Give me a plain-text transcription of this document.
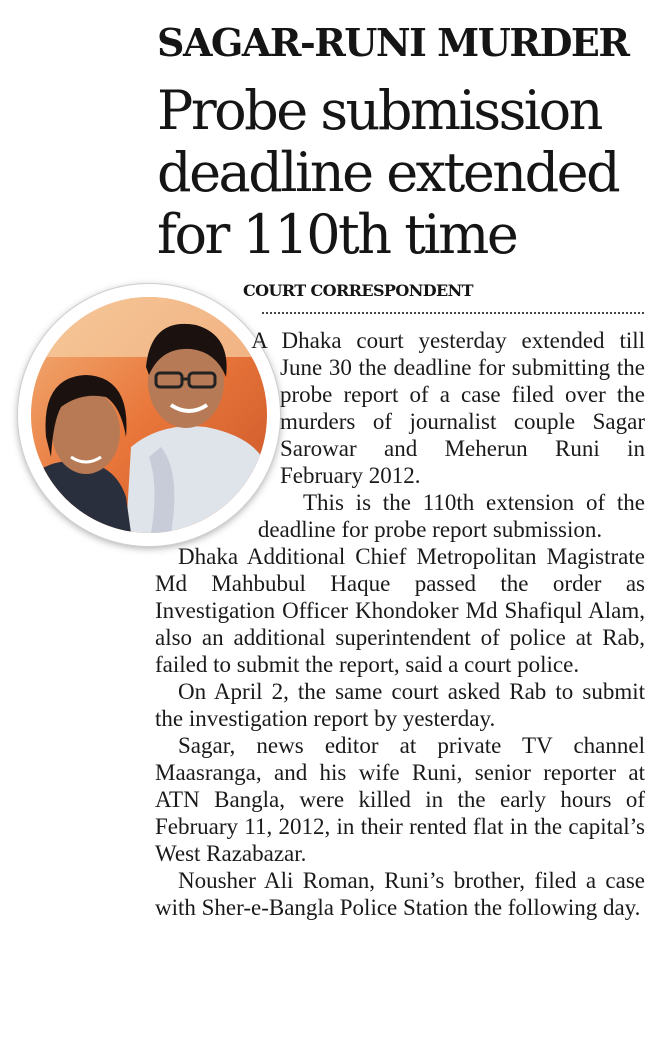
SAGAR-RUNI MURDER
Probe submission deadline extended for 110th time
COURT CORRESPONDENT

A Dhaka court yesterday extended till June 30 the deadline for submitting the probe report of a case filed over the murders of journalist couple Sagar Sarowar and Meherun Runi in February 2012.

This is the 110th extension of the deadline for probe report submission.

Dhaka Additional Chief Metropolitan Magistrate Md Mahbubul Haque passed the order as Investigation Officer Khondoker Md Shafiqul Alam, also an additional superintendent of police at Rab, failed to submit the report, said a court police.

On April 2, the same court asked Rab to submit the investigation report by yesterday.

Sagar, news editor at private TV channel Maasranga, and his wife Runi, senior reporter at ATN Bangla, were killed in the early hours of February 11, 2012, in their rented flat in the capital’s West Razabazar.

Nousher Ali Roman, Runi’s brother, filed a case with Sher-e-Bangla Police Station the following day.
